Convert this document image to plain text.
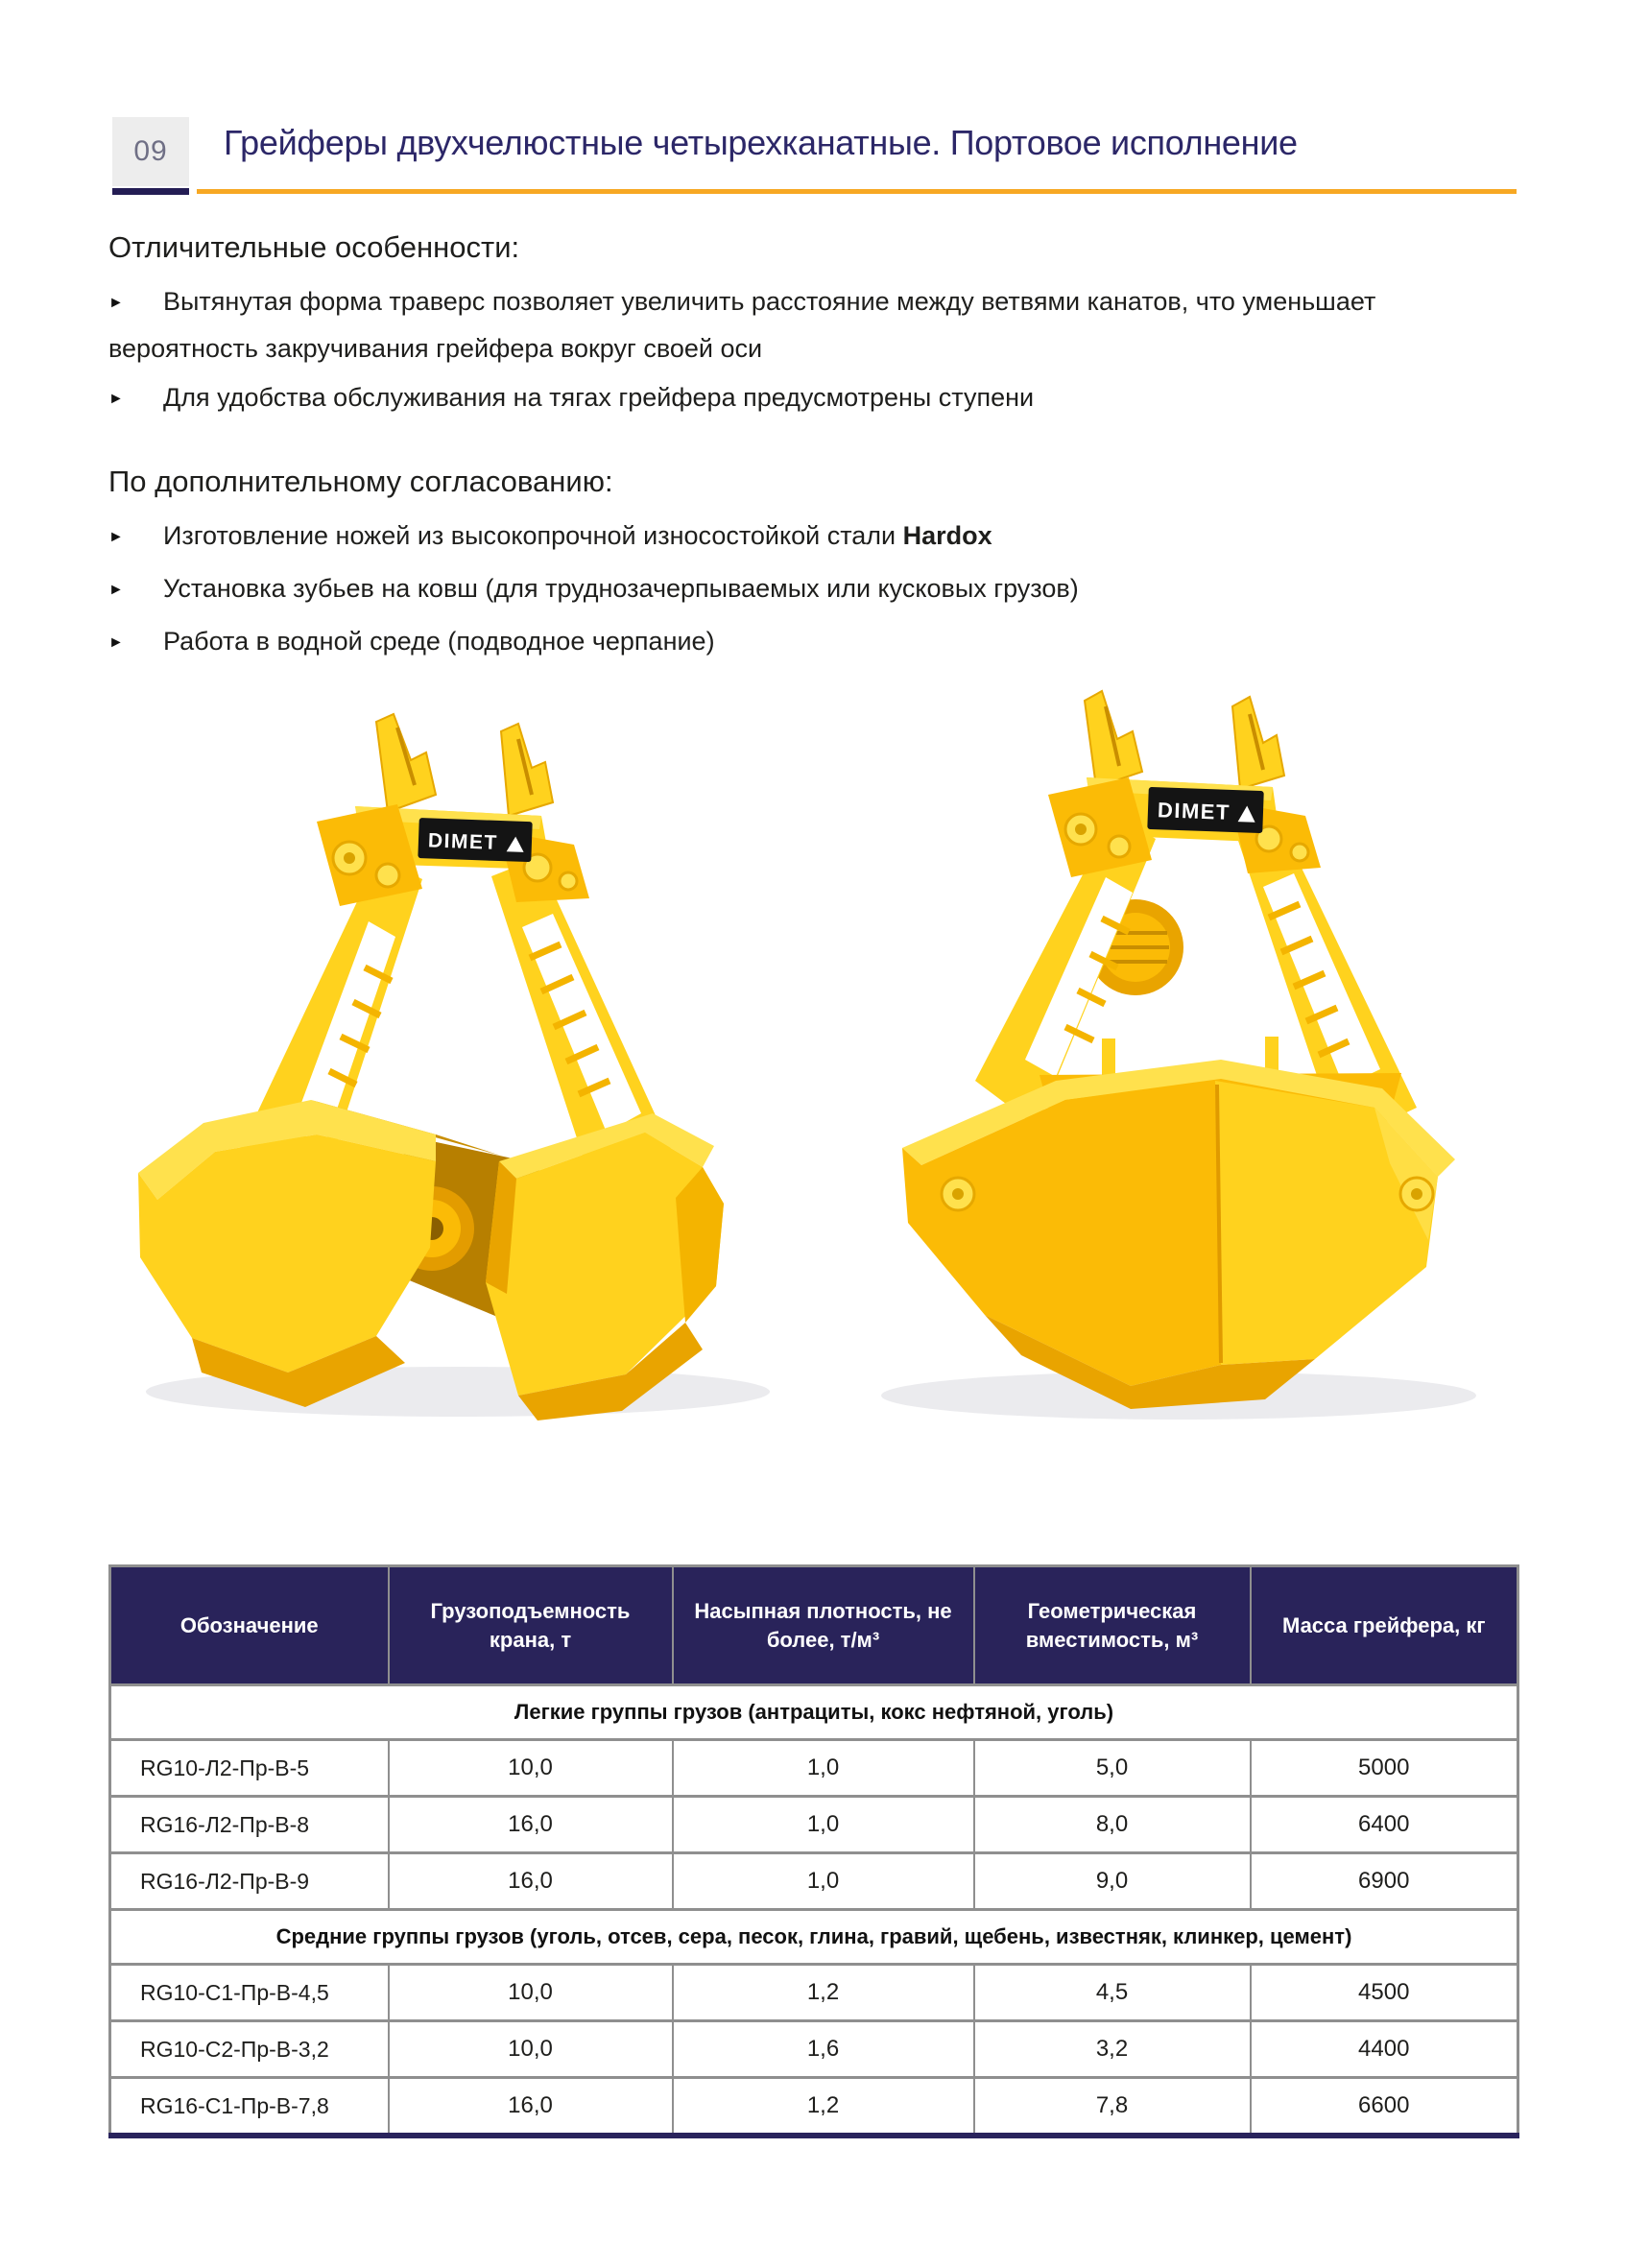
09 Грейферы двухчелюстные четырехканатные. Портовое исполнение
Отличительные особенности:
► Вытянутая форма траверс позволяет увеличить расстояние между ветвями канатов, что уменьшает вероятность закручивания грейфера вокруг своей оси
► Для удобства обслуживания на тягах грейфера предусмотрены ступени
По дополнительному согласованию:
► Изготовление ножей из высокопрочной износостойкой стали Hardox
► Установка зубьев на ковш (для труднозачерпываемых или кусковых грузов)
► Работа в водной среде (подводное черпание)
DIMET
DIMET
Обозначение	Грузоподъемность крана, т	Насыпная плотность, не более, т/м³	Геометрическая вместимость, м³	Масса грейфера, кг
Легкие группы грузов (антрациты, кокс нефтяной, уголь)				
RG10-Л2-Пр-В-5	10,0	1,0	5,0	5000
RG16-Л2-Пр-В-8	16,0	1,0	8,0	6400
RG16-Л2-Пр-В-9	16,0	1,0	9,0	6900
Средние группы грузов (уголь, отсев, сера, песок, глина, гравий, щебень, известняк, клинкер, цемент)				
RG10-С1-Пр-В-4,5	10,0	1,2	4,5	4500
RG10-С2-Пр-В-3,2	10,0	1,6	3,2	4400
RG16-С1-Пр-В-7,8	16,0	1,2	7,8	6600
